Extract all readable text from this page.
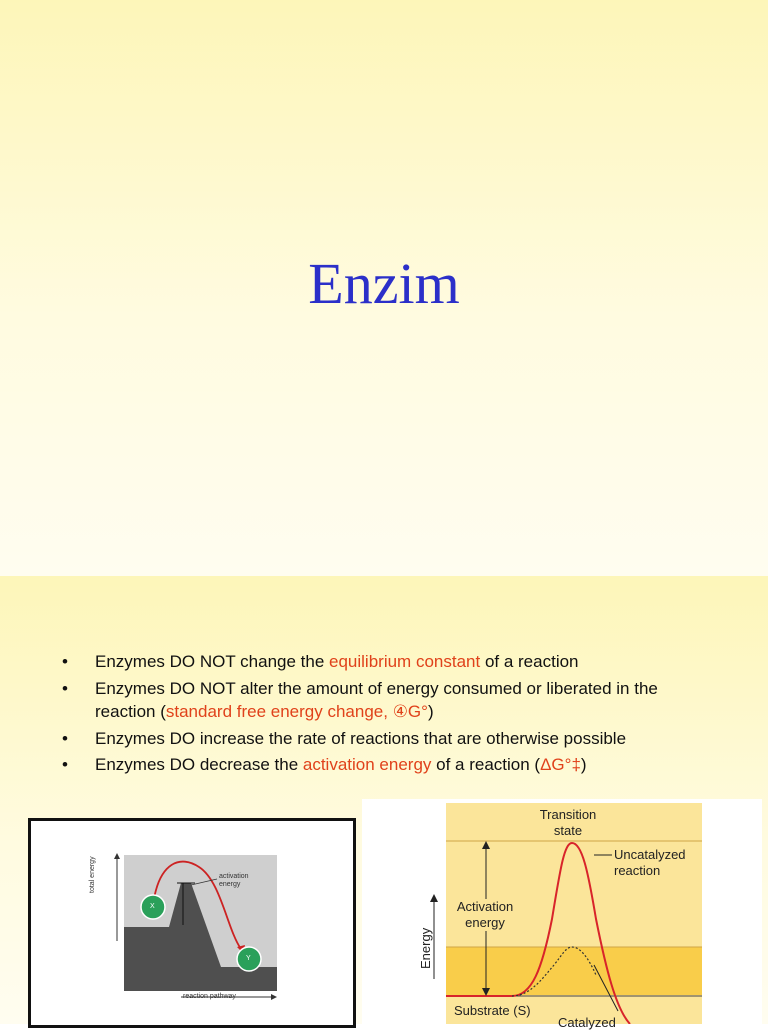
Enzim
• Enzymes DO NOT change the equilibrium constant of a reaction
• Enzymes DO NOT alter the amount of energy consumed or liberated in the reaction (standard free energy change, ④G°)
• Enzymes DO increase the rate of reactions that are otherwise possible
• Enzymes DO decrease the activation energy of a reaction (ΔG°‡)
activation energy
X
Y
total energy
reaction pathway
Transition state
Uncatalyzed reaction
Activation energy
Energy
Substrate (S)
Catalyzed
